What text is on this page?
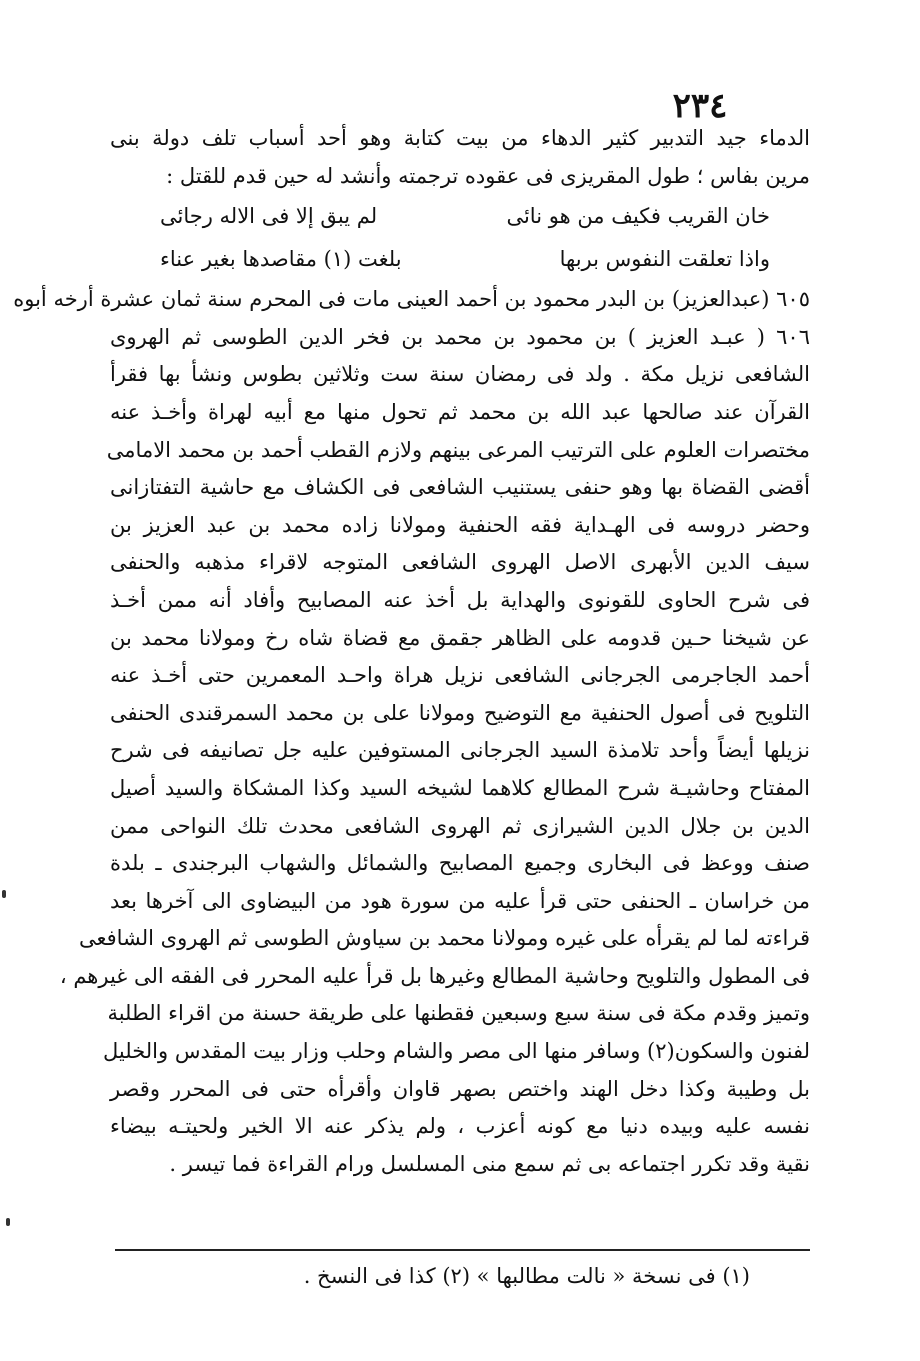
٢٣٤
الدماء جيد التدبير كثير الدهاء من بيت كتابة وهو أحد أسباب تلف دولة بنى
مرين بفاس ؛ طول المقريزى فى عقوده ترجمته وأنشد له حين قدم للقتل :
خان القريب فكيف من هو نائى
لم يبق إلا فى الاله رجائى
واذا تعلقت النفوس بربها
بلغت (١) مقاصدها بغير عناء
٦٠٥ (عبدالعزيز) بن البدر محمود بن أحمد العينى مات فى المحرم سنة ثمان عشرة أرخه أبوه
٦٠٦ ( عبـد العزيز ) بن محمود بن محمد بن فخر الدين الطوسى ثم الهروى
الشافعى نزيل مكة . ولد فى رمضان سنة ست وثلاثين بطوس ونشأ بها فقرأ
القرآن عند صالحها عبد الله بن محمد ثم تحول منها مع أبيه لهراة وأخـذ عنه
مختصرات العلوم على الترتيب المرعى بينهم ولازم القطب أحمد بن محمد الامامى
أقضى القضاة بها وهو حنفى يستنيب الشافعى فى الكشاف مع حاشية التفتازانى
وحضر دروسه فى الهـداية فقه الحنفية ومولانا زاده محمد بن عبد العزيز بن
سيف الدين الأبهرى الاصل الهروى الشافعى المتوجه لاقراء مذهبه والحنفى
فى شرح الحاوى للقونوى والهداية بل أخذ عنه المصابيح وأفاد أنه ممن أخـذ
عن شيخنا حـين قدومه على الظاهر جقمق مع قضاة شاه رخ ومولانا محمد بن
أحمد الجاجرمى الجرجانى الشافعى نزيل هراة واحـد المعمرين حتى أخـذ عنه
التلويح فى أصول الحنفية مع التوضيح ومولانا على بن محمد السمرقندى الحنفى
نزيلها أيضاً وأحد تلامذة السيد الجرجانى المستوفين عليه جل تصانيفه فى شرح
المفتاح وحاشيـة شرح المطالع كلاهما لشيخه السيد وكذا المشكاة والسيد أصيل
الدين بن جلال الدين الشيرازى ثم الهروى الشافعى محدث تلك النواحى ممن
صنف ووعظ فى البخارى وجميع المصابيح والشمائل والشهاب البرجندى ـ بلدة
من خراسان ـ الحنفى حتى قرأ عليه من سورة هود من البيضاوى الى آخرها بعد
قراءته لما لم يقرأه على غيره ومولانا محمد بن سياوش الطوسى ثم الهروى الشافعى
فى المطول والتلويح وحاشية المطالع وغيرها بل قرأ عليه المحرر فى الفقه الى غيرهم ،
وتميز وقدم مكة فى سنة سبع وسبعين فقطنها على طريقة حسنة من اقراء الطلبة
لفنون والسكون(٢) وسافر منها الى مصر والشام وحلب وزار بيت المقدس والخليل
بل وطيبة وكذا دخل الهند واختص بصهر قاوان وأقرأه حتى فى المحرر وقصر
نفسه عليه وبيده دنيا مع كونه أعزب ، ولم يذكر عنه الا الخير ولحيتـه بيضاء
نقية وقد تكرر اجتماعه بى ثم سمع منى المسلسل ورام القراءة فما تيسر .
(١) فى نسخة « نالت مطالبها » (٢) كذا فى النسخ .
